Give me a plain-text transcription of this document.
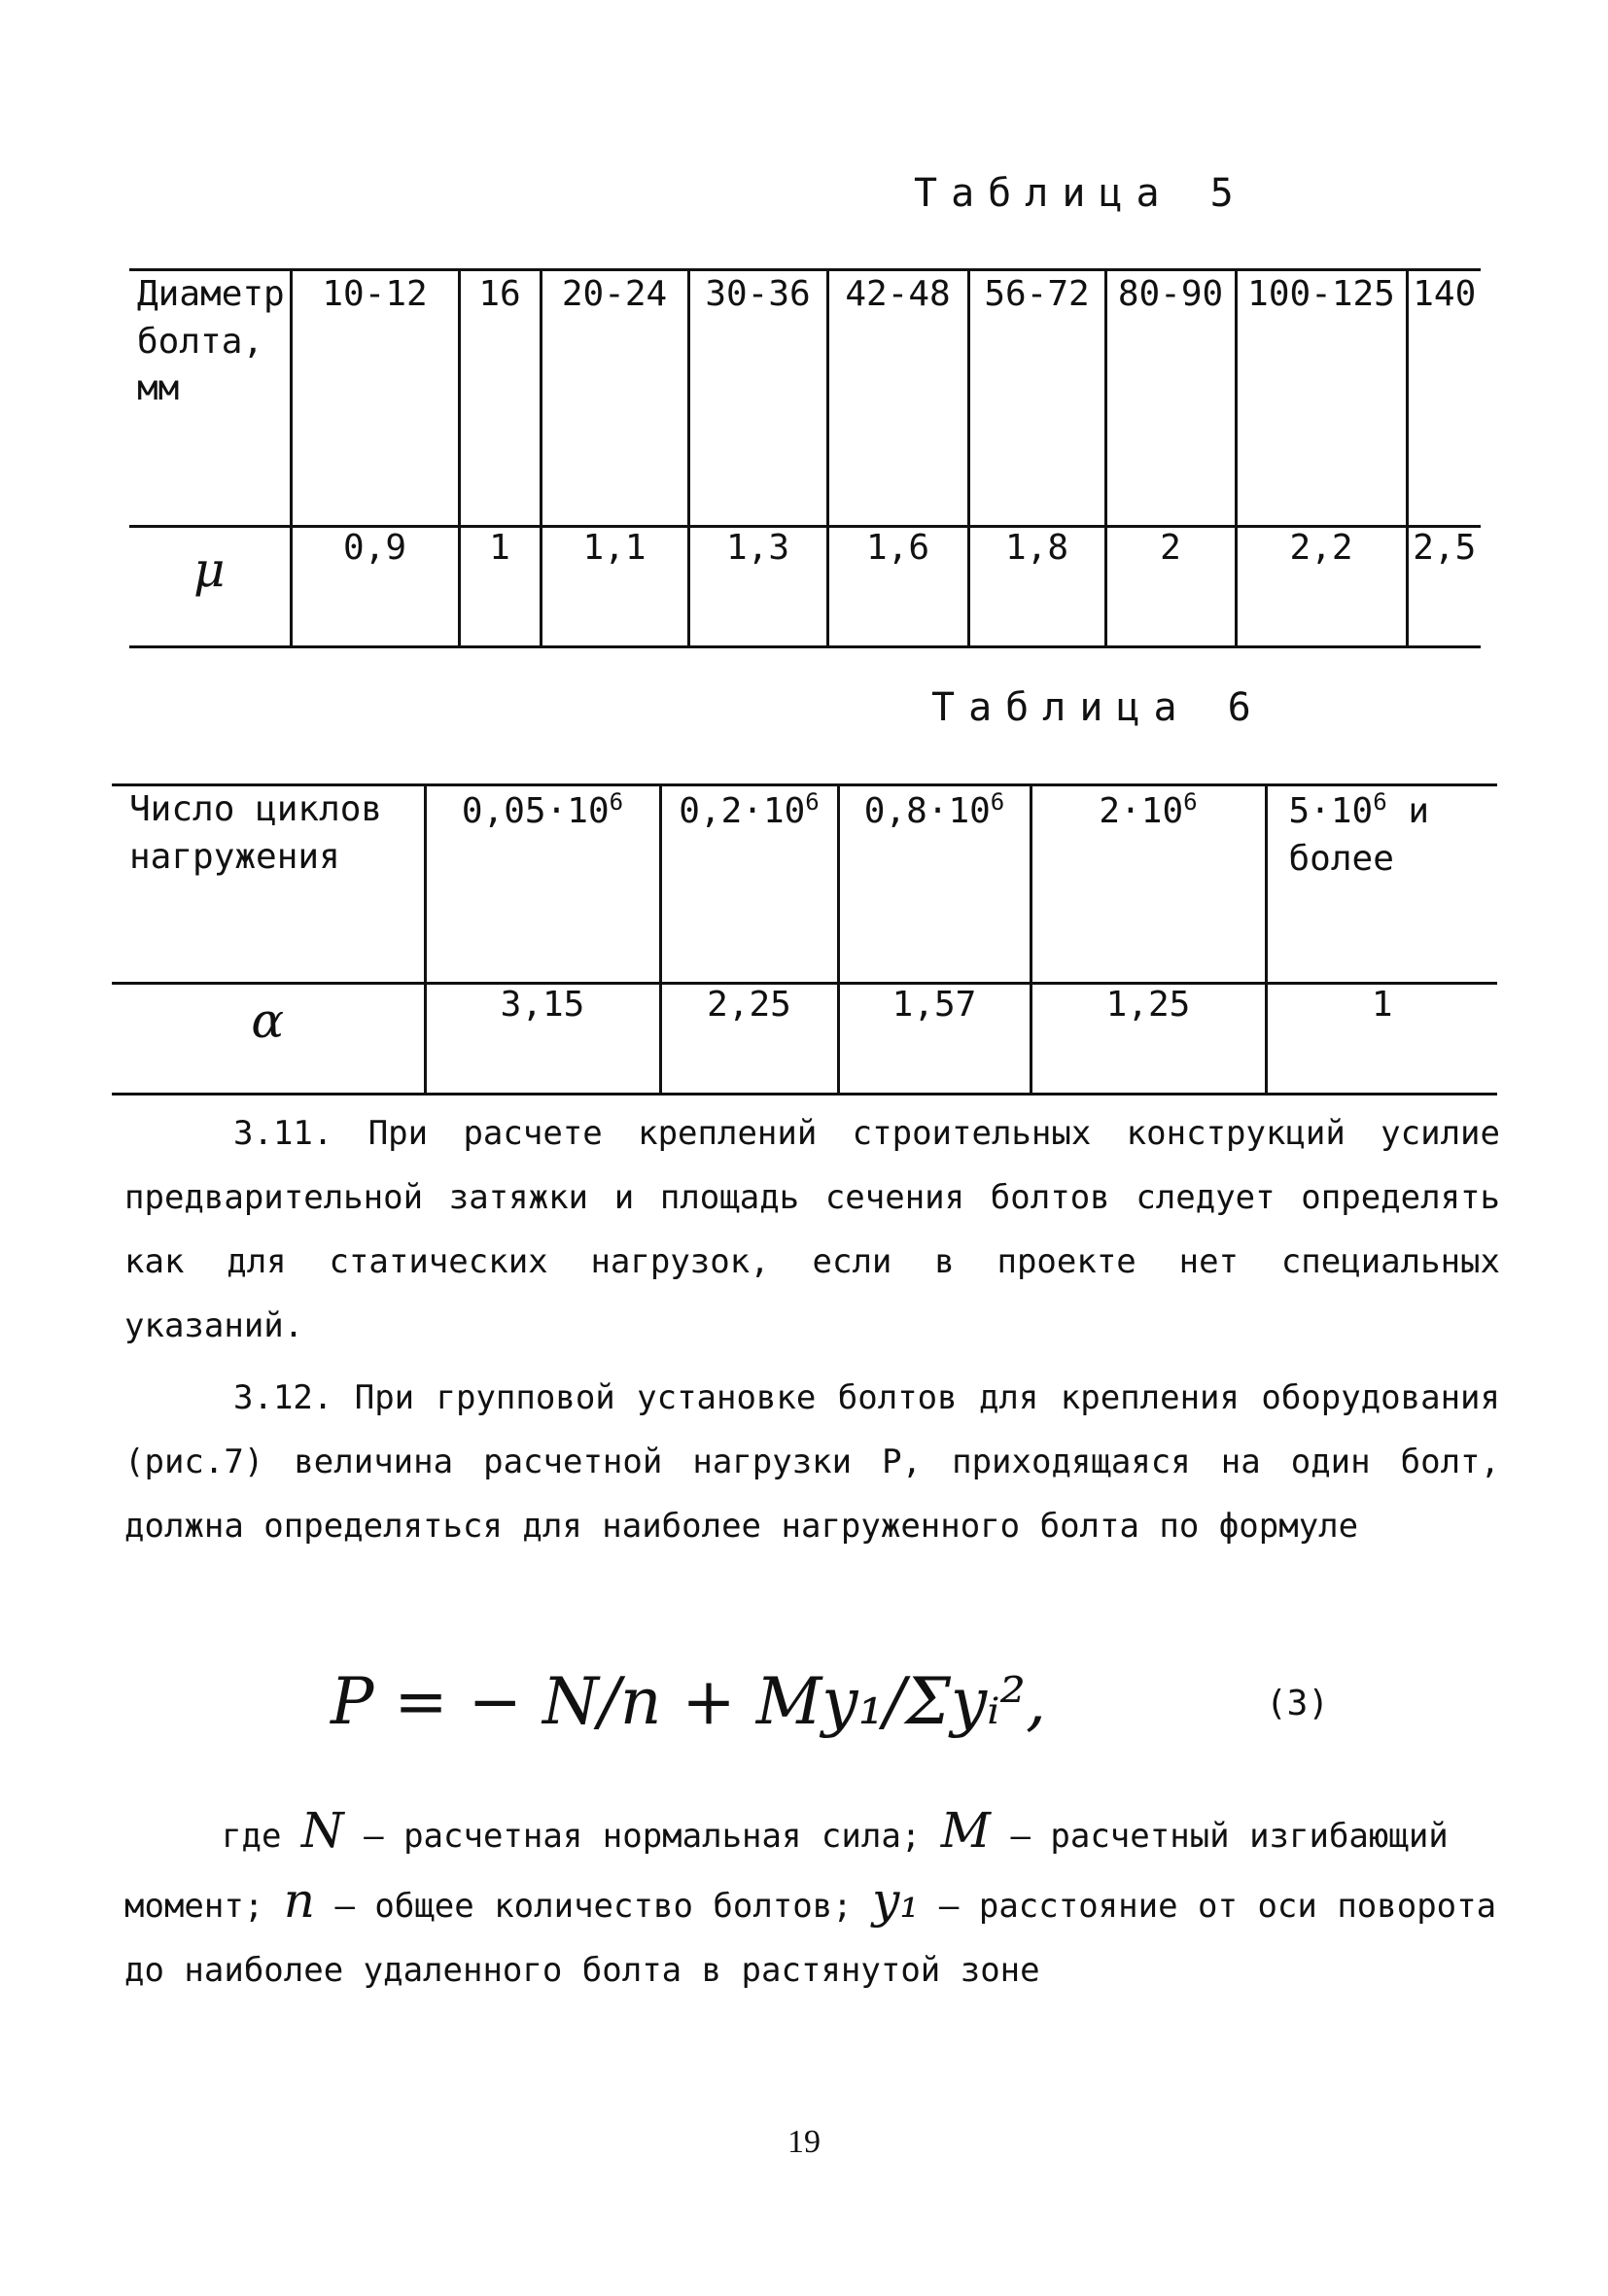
Таблица 5
Диаметр болта, мм	10-12	16	20-24	30-36	42-48	56-72	80-90	100-125	140
μ	0,9	1	1,1	1,3	1,6	1,8	2	2,2	2,5
Таблица 6
Число циклов нагружения	$0,05\cdot 10^6$	$0,2\cdot 10^6$	$0,8\cdot 10^6$	$2\cdot 10^6$	$5\cdot 10^6$ и более
α	3,15	2,25	1,57	1,25	1

3.11. При расчете креплений строительных конструкций усилие предварительной затяжки и площадь сечения болтов следует определять как для статических нагрузок, если в проекте нет специальных указаний.

3.12. При групповой установке болтов для крепления оборудования (рис.7) величина расчетной нагрузки P, приходящаяся на один болт, должна определяться для наиболее нагруженного болта по формуле

P = − N/n + My₁/Σyᵢ²,	(3)
где N – расчетная нормальная сила; M – расчетный изгибающий момент; n – общее количество болтов; y₁ – расстояние от оси поворота до наиболее удаленного болта в растянутой зоне
19
